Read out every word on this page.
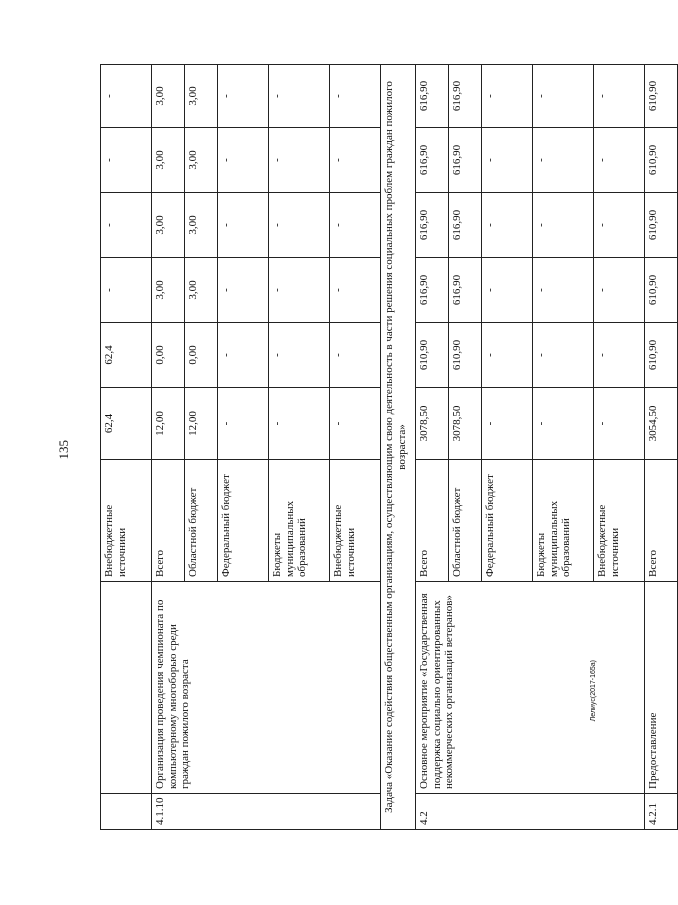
135
Лелиус(2017-165а)
		Внебюджетные источники	62,4	62,4	-	-	-	-
4.1.10	Организация проведения чемпионата по компьютерному многоборью среди граждан пожилого возраста	Всего	12,00	0,00	3,00	3,00	3,00	3,00
		Областной бюджет	12,00	0,00	3,00	3,00	3,00	3,00
		Федеральный бюджет	-	-	-	-	-	-
		Бюджеты муниципальных образований	-	-	-	-	-	-
		Внебюджетные источники	-	-	-	-	-	-
Задача «Оказание содействия общественным организациям, осуществляющим свою деятельность в части решения социальных проблем граждан пожилого возраста»								
4.2	Основное мероприятие «Государственная поддержка социально ориентированных некоммерческих организаций ветеранов»	Всего	3078,50	610,90	616,90	616,90	616,90	616,90
		Областной бюджет	3078,50	610,90	616,90	616,90	616,90	616,90
		Федеральный бюджет	-	-	-	-	-	-
		Бюджеты муниципальных образований	-	-	-	-	-	-
		Внебюджетные источники	-	-	-	-	-	-
4.2.1	Предоставление	Всего	3054,50	610,90	610,90	610,90	610,90	610,90
